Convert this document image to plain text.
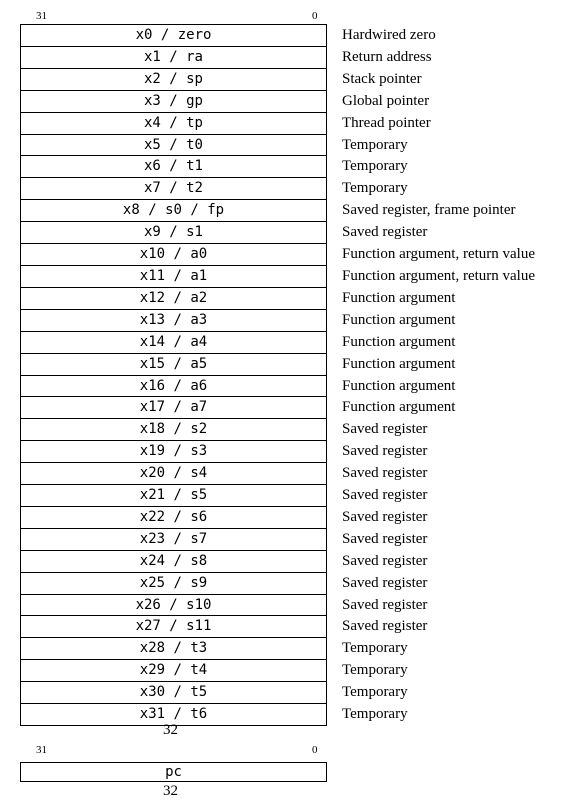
31	0
x0 / zero	Hardwired zero
x1 / ra	Return address
x2 / sp	Stack pointer
x3 / gp	Global pointer
x4 / tp	Thread pointer
x5 / t0	Temporary
x6 / t1	Temporary
x7 / t2	Temporary
x8 / s0 / fp	Saved register, frame pointer
x9 / s1	Saved register
x10 / a0	Function argument, return value
x11 / a1	Function argument, return value
x12 / a2	Function argument
x13 / a3	Function argument
x14 / a4	Function argument
x15 / a5	Function argument
x16 / a6	Function argument
x17 / a7	Function argument
x18 / s2	Saved register
x19 / s3	Saved register
x20 / s4	Saved register
x21 / s5	Saved register
x22 / s6	Saved register
x23 / s7	Saved register
x24 / s8	Saved register
x25 / s9	Saved register
x26 / s10	Saved register
x27 / s11	Saved register
x28 / t3	Temporary
x29 / t4	Temporary
x30 / t5	Temporary
x31 / t6	Temporary
32
31	0
pc
32
